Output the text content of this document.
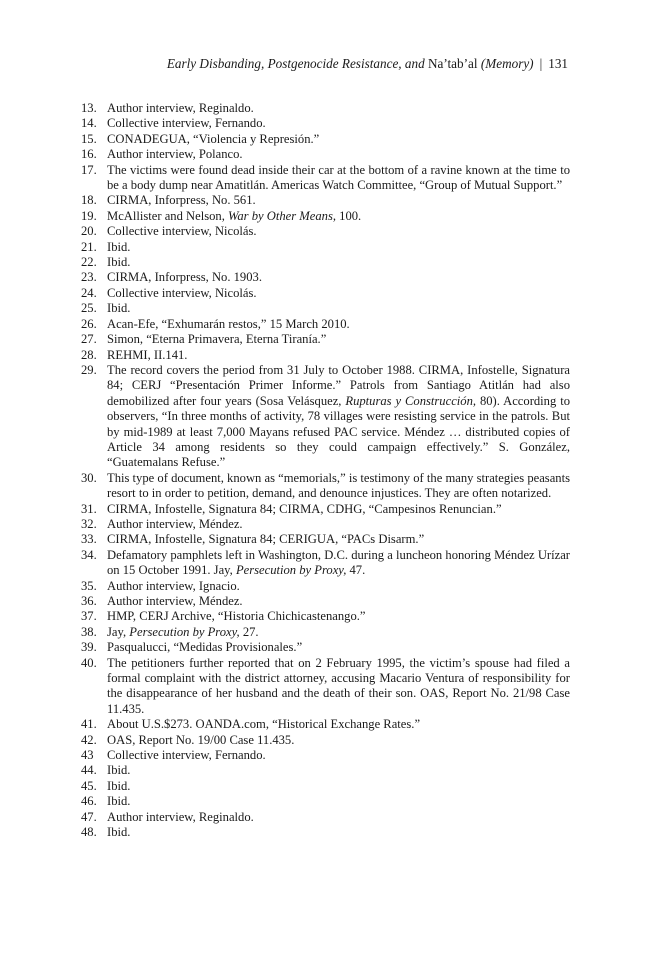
Early Disbanding, Postgenocide Resistance, and Na’tab’al (Memory) | 131
13. Author interview, Reginaldo.
14. Collective interview, Fernando.
15. CONADEGUA, “Violencia y Represión.”
16. Author interview, Polanco.
17. The victims were found dead inside their car at the bottom of a ravine known at the time to be a body dump near Amatitlán. Americas Watch Committee, “Group of Mutual Support.”
18. CIRMA, Inforpress, No. 561.
19. McAllister and Nelson, War by Other Means, 100.
20. Collective interview, Nicolás.
21. Ibid.
22. Ibid.
23. CIRMA, Inforpress, No. 1903.
24. Collective interview, Nicolás.
25. Ibid.
26. Acan-Efe, “Exhumarán restos,” 15 March 2010.
27. Simon, “Eterna Primavera, Eterna Tiranía.”
28. REHMI, II.141.
29. The record covers the period from 31 July to October 1988. CIRMA, Infostelle, Signatura 84; CERJ “Presentación Primer Informe.” Patrols from Santiago Atitlán had also demobilized after four years (Sosa Velásquez, Rupturas y Construcción, 80). According to observers, “In three months of activity, 78 villages were resisting service in the patrols. But by mid-1989 at least 7,000 Mayans refused PAC service. Méndez … distributed copies of Article 34 among residents so they could campaign effectively.” S. González, “Guatemalans Refuse.”
30. This type of document, known as “memorials,” is testimony of the many strategies peasants resort to in order to petition, demand, and denounce injustices. They are often notarized.
31. CIRMA, Infostelle, Signatura 84; CIRMA, CDHG, “Campesinos Renuncian.”
32. Author interview, Méndez.
33. CIRMA, Infostelle, Signatura 84; CERIGUA, “PACs Disarm.”
34. Defamatory pamphlets left in Washington, D.C. during a luncheon honoring Méndez Urízar on 15 October 1991. Jay, Persecution by Proxy, 47.
35. Author interview, Ignacio.
36. Author interview, Méndez.
37. HMP, CERJ Archive, “Historia Chichicastenango.”
38. Jay, Persecution by Proxy, 27.
39. Pasqualucci, “Medidas Provisionales.”
40. The petitioners further reported that on 2 February 1995, the victim’s spouse had filed a formal complaint with the district attorney, accusing Macario Ventura of responsibility for the disappearance of her husband and the death of their son. OAS, Report No. 21/98 Case 11.435.
41. About U.S.$273. OANDA.com, “Historical Exchange Rates.”
42. OAS, Report No. 19/00 Case 11.435.
43	Collective interview, Fernando.
44. Ibid.
45. Ibid.
46. Ibid.
47. Author interview, Reginaldo.
48. Ibid.
